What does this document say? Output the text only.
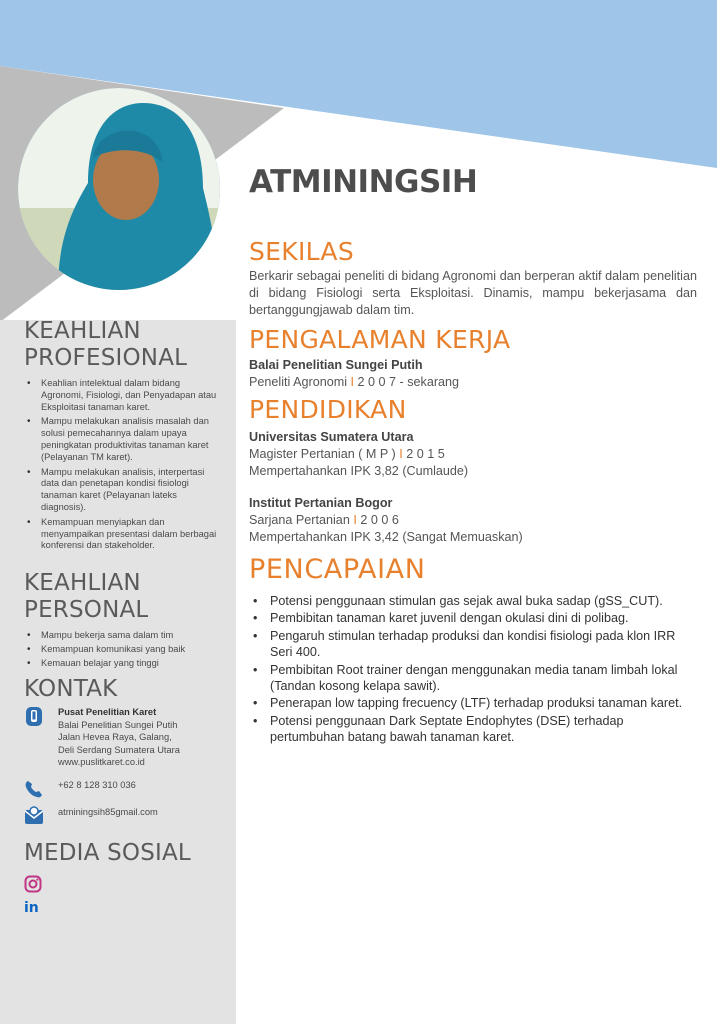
KEAHLIAN
PROFESIONAL
• Keahlian intelektual dalam bidang Agronomi, Fisiologi, dan Penyadapan atau Eksploitasi tanaman karet.
• Mampu melakukan analisis masalah dan solusi pemecahannya dalam upaya peningkatan produktivitas tanaman karet (Pelayanan TM karet).
• Mampu melakukan analisis, interpertasi data dan penetapan kondisi fisiologi tanaman karet (Pelayanan lateks diagnosis).
• Kemampuan menyiapkan dan menyampaikan presentasi dalam berbagai konferensi dan stakeholder.
KEAHLIAN
PERSONAL
• Mampu bekerja sama dalam tim
• Kemampuan komunikasi yang baik
• Kemauan belajar yang tinggi
KONTAK
Pusat Penelitian Karet
Balai Penelitian Sungei Putih
Jalan Hevea Raya, Galang,
Deli Serdang Sumatera Utara
www.puslitkaret.co.id
+62 8 128 310 036
atminingsih85gmail.com
MEDIA SOSIAL
in
ATMININGSIH
SEKILAS
Berkarir sebagai peneliti di bidang Agronomi dan berperan aktif dalam penelitian di bidang Fisiologi serta Eksploitasi. Dinamis, mampu bekerjasama dan bertanggungjawab dalam tim.
PENGALAMAN KERJA
Balai Penelitian Sungei Putih
Peneliti Agronomi I 2 0 0 7 - sekarang
PENDIDIKAN
Universitas Sumatera Utara
Magister Pertanian ( M P ) I 2 0 1 5
Mempertahankan IPK 3,82 (Cumlaude)
Institut Pertanian Bogor
Sarjana Pertanian I 2 0 0 6
Mempertahankan IPK 3,42 (Sangat Memuaskan)
PENCAPAIAN
• Potensi penggunaan stimulan gas sejak awal buka sadap (gSS_CUT).
• Pembibitan tanaman karet juvenil dengan okulasi dini di polibag.
• Pengaruh stimulan terhadap produksi dan kondisi fisiologi pada klon IRR Seri 400.
• Pembibitan Root trainer dengan menggunakan media tanam limbah lokal (Tandan kosong kelapa sawit).
• Penerapan low tapping frecuency (LTF) terhadap produksi tanaman karet.
• Potensi penggunaan Dark Septate Endophytes (DSE) terhadap pertumbuhan batang bawah tanaman karet.
